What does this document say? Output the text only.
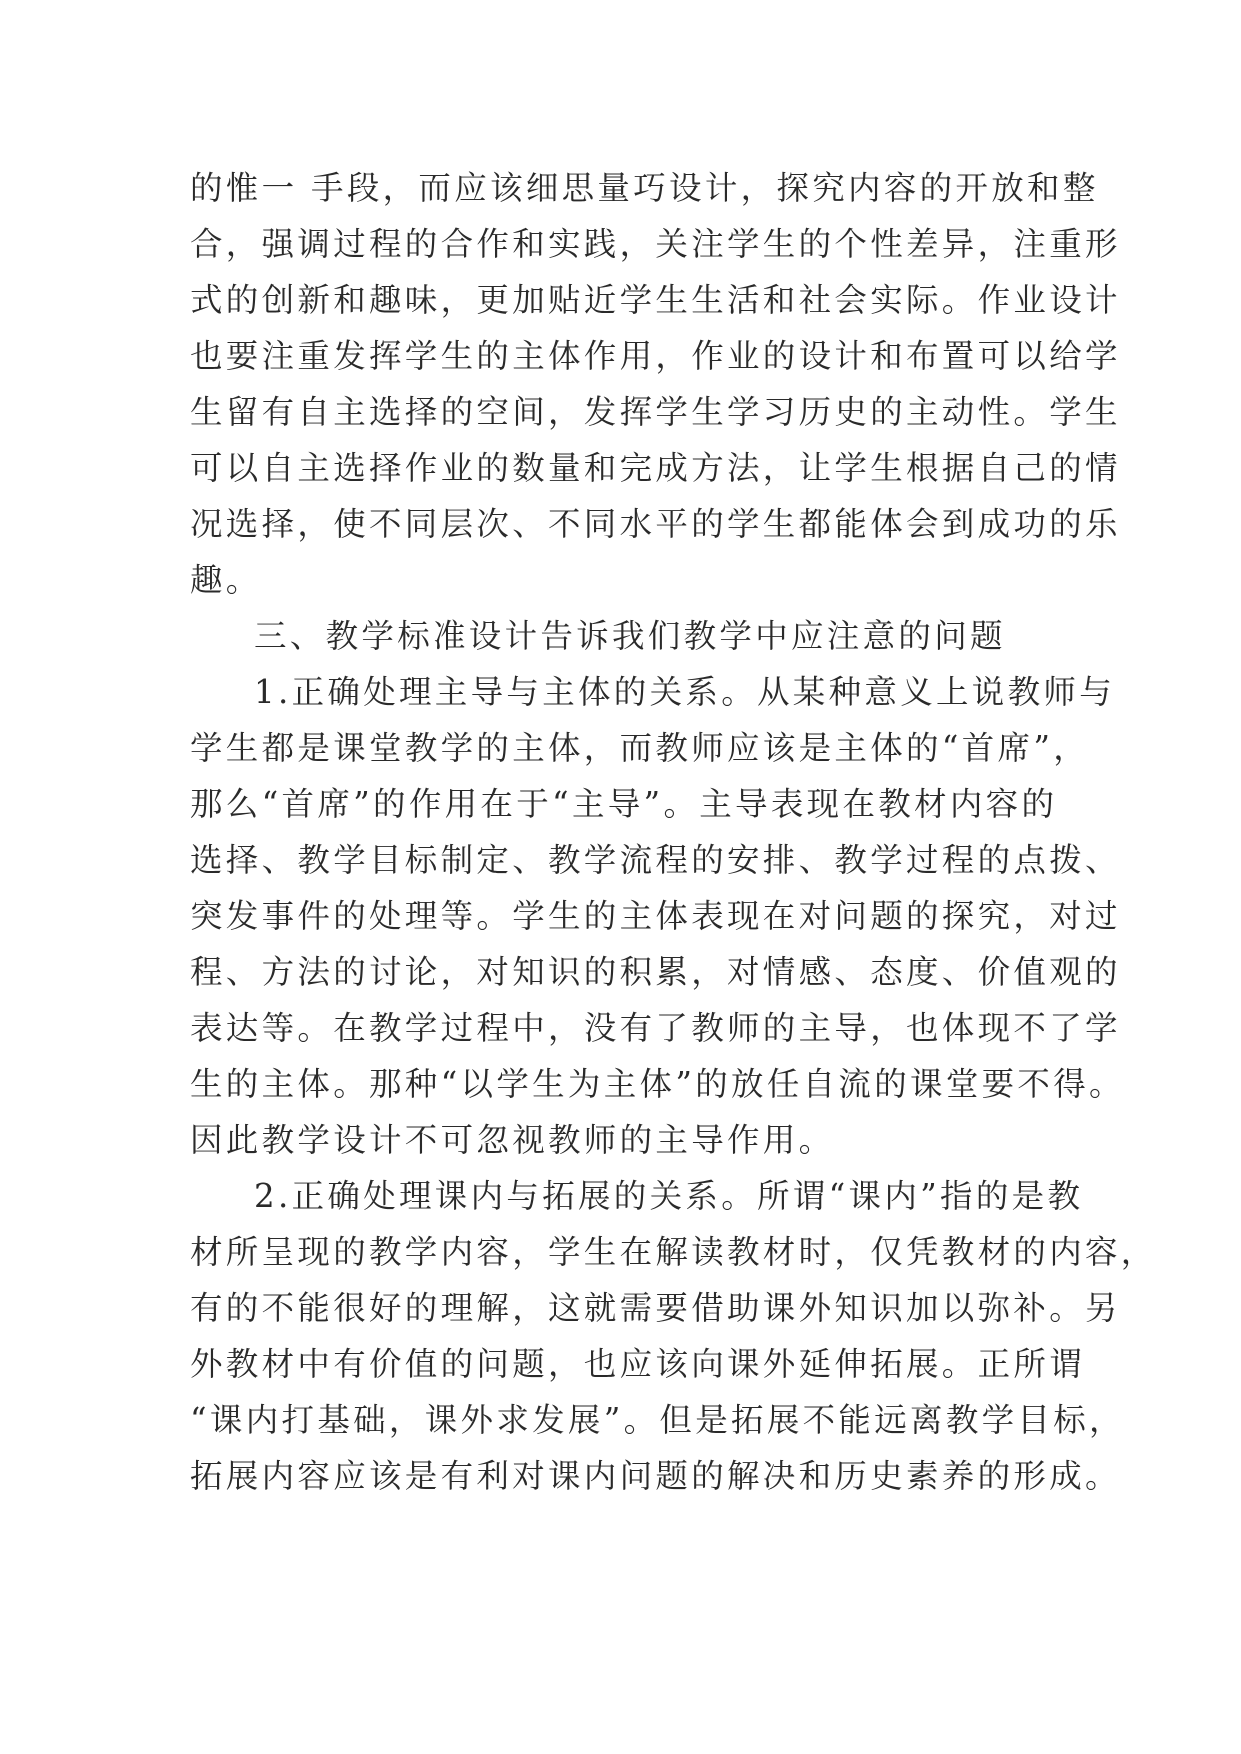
的惟一 手段，而应该细思量巧设计，探究内容的开放和整

合，强调过程的合作和实践，关注学生的个性差异，注重形

式的创新和趣味，更加贴近学生生活和社会实际。作业设计

也要注重发挥学生的主体作用，作业的设计和布置可以给学

生留有自主选择的空间，发挥学生学习历史的主动性。学生

可以自主选择作业的数量和完成方法，让学生根据自己的情

况选择，使不同层次、不同水平的学生都能体会到成功的乐

趣。

三、教学标准设计告诉我们教学中应注意的问题

1.正确处理主导与主体的关系。从某种意义上说教师与

学生都是课堂教学的主体，而教师应该是主体的“首席”，

那么“首席”的作用在于“主导”。主导表现在教材内容的

选择、教学目标制定、教学流程的安排、教学过程的点拨、

突发事件的处理等。学生的主体表现在对问题的探究，对过

程、方法的讨论，对知识的积累，对情感、态度、价值观的

表达等。在教学过程中，没有了教师的主导，也体现不了学

生的主体。那种“以学生为主体”的放任自流的课堂要不得。

因此教学设计不可忽视教师的主导作用。

2.正确处理课内与拓展的关系。所谓“课内”指的是教

材所呈现的教学内容，学生在解读教材时，仅凭教材的内容，

有的不能很好的理解，这就需要借助课外知识加以弥补。另

外教材中有价值的问题，也应该向课外延伸拓展。正所谓

“课内打基础，课外求发展”。但是拓展不能远离教学目标，

拓展内容应该是有利对课内问题的解决和历史素养的形成。
